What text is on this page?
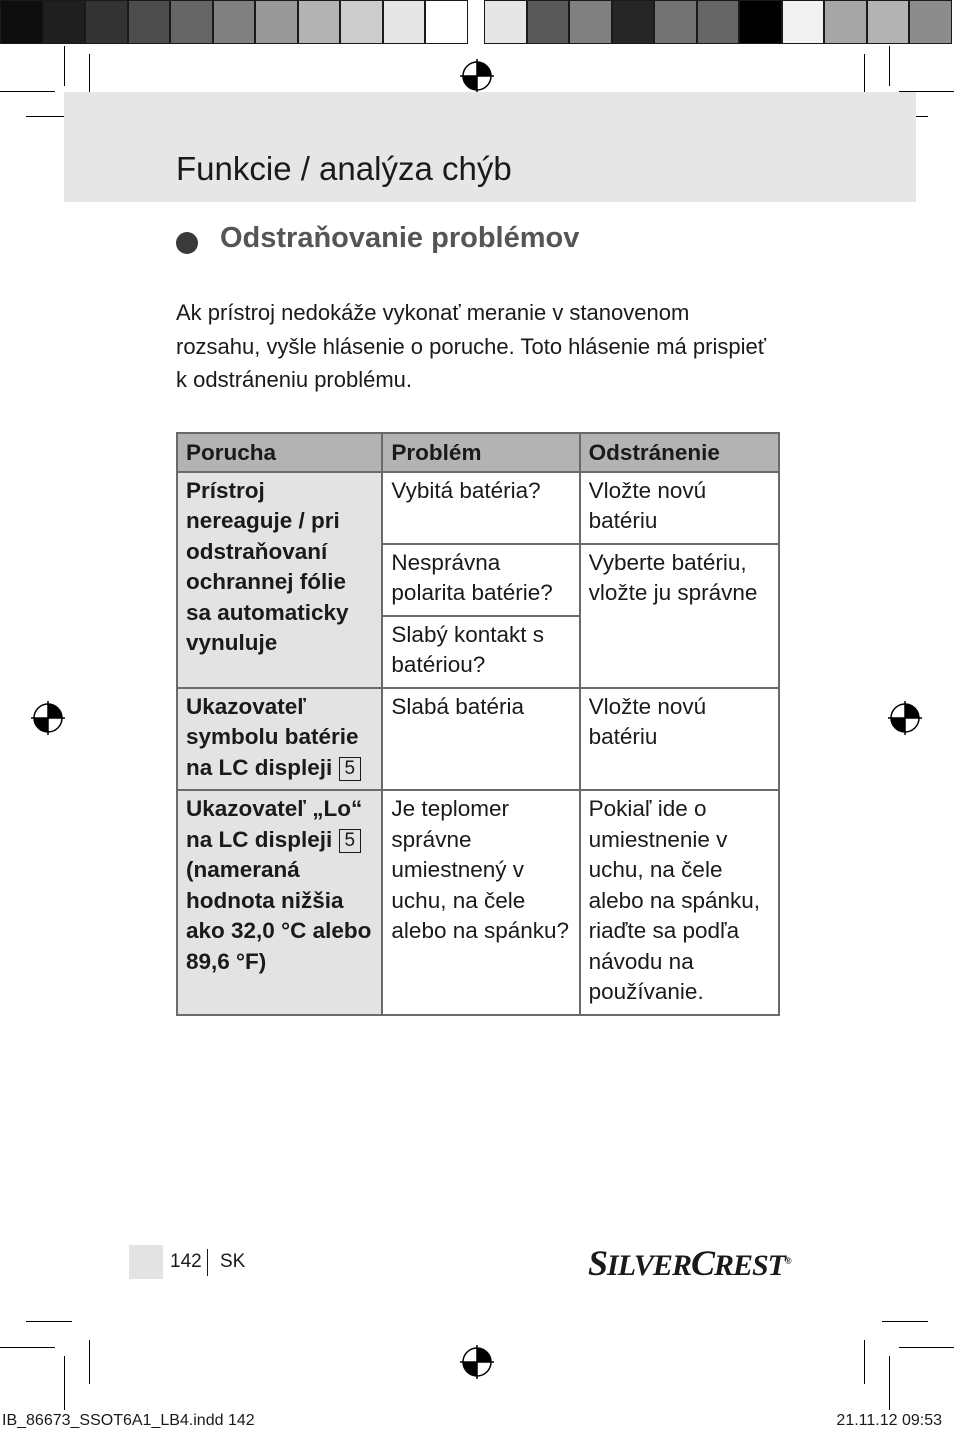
Funkcie / analýza chýb
Odstraňovanie problémov

Ak prístroj nedokáže vykonať meranie v stanovenom rozsahu, vyšle hlásenie o poruche. Toto hlásenie má prispieť k odstráneniu problému.

Porucha	Problém	Odstránenie
Prístroj nereaguje / pri odstraňovaní ochrannej fólie sa automaticky vynuluje	Vybitá batéria?	Vložte novú batériu
	Nesprávna polarita batérie?	Vyberte batériu, vložte ju správne
	Slabý kontakt s batériou?	
Ukazovateľ symbolu batérie na LC displeji 5	Slabá batéria	Vložte novú batériu
Ukazovateľ „Lo“ na LC displeji 5 (nameraná hodnota nižšia ako 32,0 °C alebo 89,6 °F)	Je teplomer správne umiestnený v uchu, na čele alebo na spánku?	Pokiaľ ide o umiestnenie v uchu, na čele alebo na spánku, riaďte sa podľa návodu na používanie.
142 SK	SILVERCREST®
IB_86673_SSOT6A1_LB4.indd 142	21.11.12 09:53
